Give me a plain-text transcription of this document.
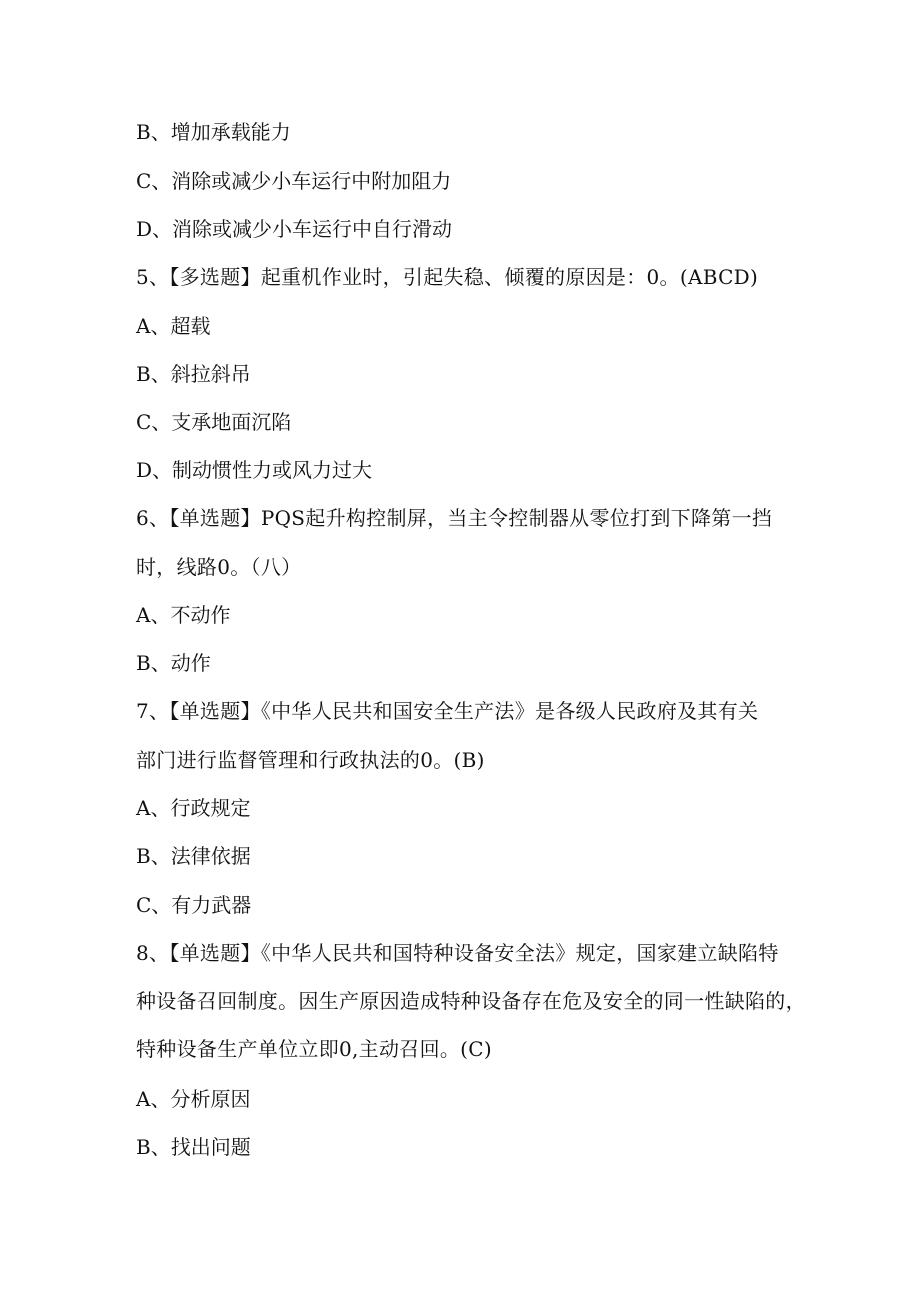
B、增加承载能力
C、消除或减少小车运行中附加阻力
D、消除或减少小车运行中自行滑动
5、【多选题】起重机作业时，引起失稳、倾覆的原因是：0。(ABCD)
A、超载
B、斜拉斜吊
C、支承地面沉陷
D、制动惯性力或风力过大
6、【单选题】PQS起升构控制屏，当主令控制器从零位打到下降第一挡
时，线路0。（八）
A、不动作
B、动作
7、【单选题】《中华人民共和国安全生产法》是各级人民政府及其有关
部门进行监督管理和行政执法的0。(B)
A、行政规定
B、法律依据
C、有力武器
8、【单选题】《中华人民共和国特种设备安全法》规定，国家建立缺陷特
种设备召回制度。因生产原因造成特种设备存在危及安全的同一性缺陷的，
特种设备生产单位立即0,主动召回。(C)
A、分析原因
B、找出问题
